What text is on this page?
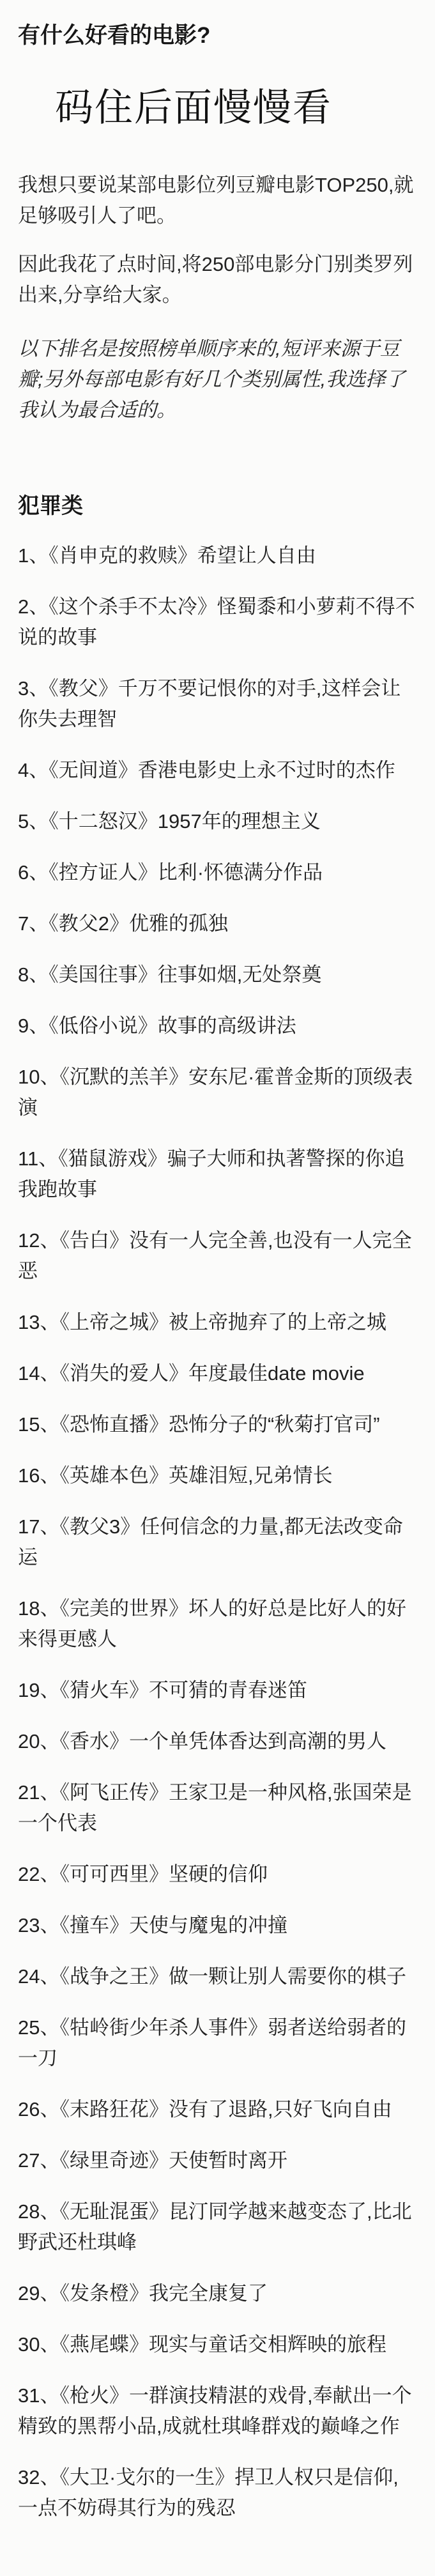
有什么好看的电影?
码住后面慢慢看

我想只要说某部电影位列豆瓣电影TOP250,就足够吸引人了吧。

因此我花了点时间,将250部电影分门别类罗列出来,分享给大家。

以下排名是按照榜单顺序来的,短评来源于豆瓣;另外每部电影有好几个类别属性,我选择了我认为最合适的。

犯罪类
1、《肖申克的救赎》希望让人自由
2、《这个杀手不太冷》怪蜀黍和小萝莉不得不说的故事
3、《教父》千万不要记恨你的对手,这样会让你失去理智
4、《无间道》香港电影史上永不过时的杰作
5、《十二怒汉》1957年的理想主义
6、《控方证人》比利·怀德满分作品
7、《教父2》优雅的孤独
8、《美国往事》往事如烟,无处祭奠
9、《低俗小说》故事的高级讲法
10、《沉默的羔羊》安东尼·霍普金斯的顶级表演
11、《猫鼠游戏》骗子大师和执著警探的你追我跑故事
12、《告白》没有一人完全善,也没有一人完全恶
13、《上帝之城》被上帝抛弃了的上帝之城
14、《消失的爱人》年度最佳date movie
15、《恐怖直播》恐怖分子的“秋菊打官司”
16、《英雄本色》英雄泪短,兄弟情长
17、《教父3》任何信念的力量,都无法改变命运
18、《完美的世界》坏人的好总是比好人的好来得更感人
19、《猜火车》不可猜的青春迷笛
20、《香水》一个单凭体香达到高潮的男人
21、《阿飞正传》王家卫是一种风格,张国荣是一个代表
22、《可可西里》坚硬的信仰
23、《撞车》天使与魔鬼的冲撞
24、《战争之王》做一颗让别人需要你的棋子
25、《牯岭街少年杀人事件》弱者送给弱者的一刀
26、《末路狂花》没有了退路,只好飞向自由
27、《绿里奇迹》天使暂时离开
28、《无耻混蛋》昆汀同学越来越变态了,比北野武还杜琪峰
29、《发条橙》我完全康复了
30、《燕尾蝶》现实与童话交相辉映的旅程
31、《枪火》一群演技精湛的戏骨,奉献出一个精致的黑帮小品,成就杜琪峰群戏的巅峰之作
32、《大卫·戈尔的一生》捍卫人权只是信仰,一点不妨碍其行为的残忍
